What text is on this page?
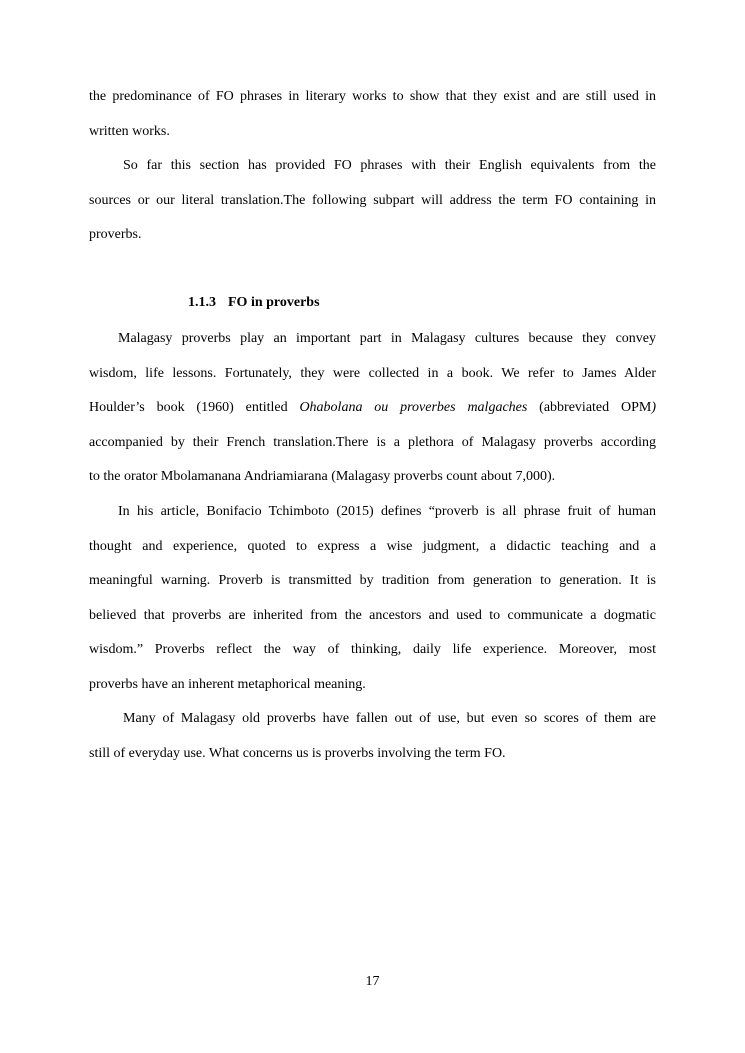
the predominance of FO phrases in literary works to show that they exist and are still used in
written works.
So far this section has provided FO phrases with their English equivalents from the
sources or our literal translation.The following subpart will address the term FO containing in
proverbs.
1.1.3 FO in proverbs
Malagasy proverbs play an important part in Malagasy cultures because they convey
wisdom, life lessons. Fortunately, they were collected in a book. We refer to James Alder
Houlder’s book (1960) entitled Ohabolana ou proverbes malgaches (abbreviated OPM)
accompanied by their French translation.There is a plethora of Malagasy proverbs according
to the orator Mbolamanana Andriamiarana (Malagasy proverbs count about 7,000).
In his article, Bonifacio Tchimboto (2015) defines “proverb is all phrase fruit of human
thought and experience, quoted to express a wise judgment, a didactic teaching and a
meaningful warning. Proverb is transmitted by tradition from generation to generation. It is
believed that proverbs are inherited from the ancestors and used to communicate a dogmatic
wisdom.” Proverbs reflect the way of thinking, daily life experience. Moreover, most
proverbs have an inherent metaphorical meaning.
Many of Malagasy old proverbs have fallen out of use, but even so scores of them are
still of everyday use. What concerns us is proverbs involving the term FO.
17
